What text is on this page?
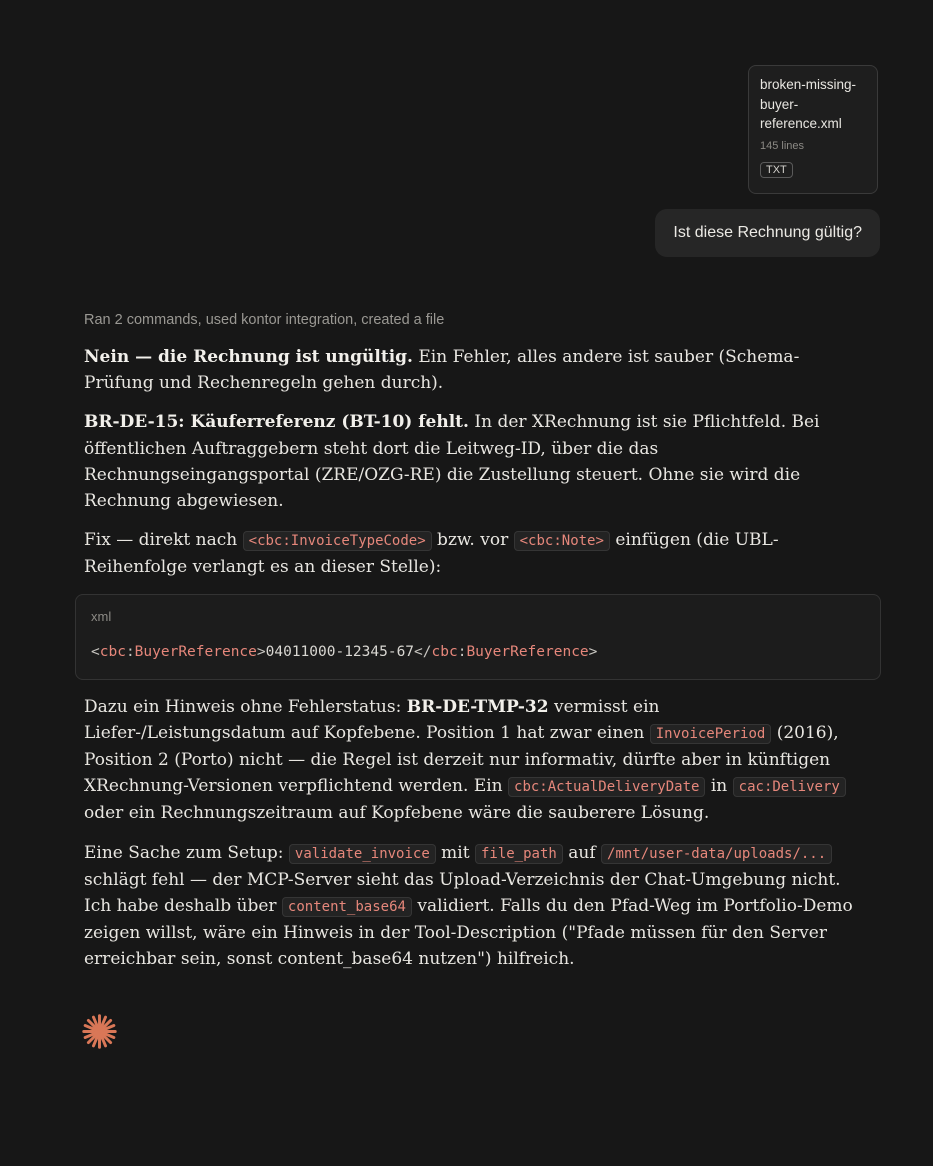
broken-missing-buyer-reference.xml
145 lines
TXT
Ist diese Rechnung gültig?
Ran 2 commands, used kontor integration, created a file

Nein — die Rechnung ist ungültig. Ein Fehler, alles andere ist sauber (Schema-Prüfung und Rechenregeln gehen durch).

BR-DE-15: Käuferreferenz (BT-10) fehlt. In der XRechnung ist sie Pflichtfeld. Bei öffentlichen Auftraggebern steht dort die Leitweg-ID, über die das Rechnungseingangsportal (ZRE/OZG-RE) die Zustellung steuert. Ohne sie wird die Rechnung abgewiesen.

Fix — direkt nach <cbc:InvoiceTypeCode> bzw. vor <cbc:Note> einfügen (die UBL-Reihenfolge verlangt es an dieser Stelle):

xml
<cbc:BuyerReference>04011000-12345-67</cbc:BuyerReference>

Dazu ein Hinweis ohne Fehlerstatus: BR-DE-TMP-32 vermisst ein Liefer-/Leistungsdatum auf Kopfebene. Position 1 hat zwar einen InvoicePeriod (2016), Position 2 (Porto) nicht — die Regel ist derzeit nur informativ, dürfte aber in künftigen XRechnung-Versionen verpflichtend werden. Ein cbc:ActualDeliveryDate in cac:Delivery oder ein Rechnungszeitraum auf Kopfebene wäre die sauberere Lösung.

Eine Sache zum Setup: validate_invoice mit file_path auf /mnt/user-data/uploads/... schlägt fehl — der MCP-Server sieht das Upload-Verzeichnis der Chat-Umgebung nicht. Ich habe deshalb über content_base64 validiert. Falls du den Pfad-Weg im Portfolio-Demo zeigen willst, wäre ein Hinweis in der Tool-Description ("Pfade müssen für den Server erreichbar sein, sonst content_base64 nutzen") hilfreich.
